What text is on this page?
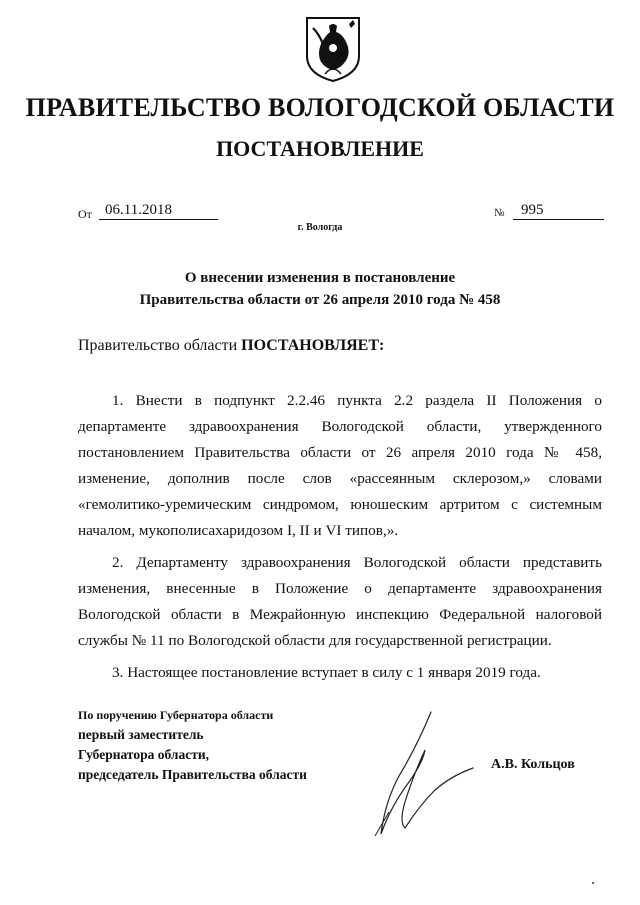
ПРАВИТЕЛЬСТВО ВОЛОГОДСКОЙ ОБЛАСТИ
ПОСТАНОВЛЕНИЕ
От 06.11.2018	№	995
г. Вологда
О внесении изменения в постановление
Правительства области от 26 апреля 2010 года № 458
Правительство области ПОСТАНОВЛЯЕТ:

1. Внести в подпункт 2.2.46 пункта 2.2 раздела II Положения о департаменте здравоохранения Вологодской области, утвержденного постановлением Правительства области от 26 апреля 2010 года № 458, изменение, дополнив после слов «рассеянным склерозом,» словами «гемолитико-уремическим синдромом, юношеским артритом с системным началом, мукополисахаридозом I, II и VI типов,».

2. Департаменту здравоохранения Вологодской области представить изменения, внесенные в Положение о департаменте здравоохранения Вологодской области в Межрайонную инспекцию Федеральной налоговой службы № 11 по Вологодской области для государственной регистрации.

3. Настоящее постановление вступает в силу с 1 января 2019 года.

По поручению Губернатора области
первый заместитель
Губернатора области,
председатель Правительства области
А.В. Кольцов
